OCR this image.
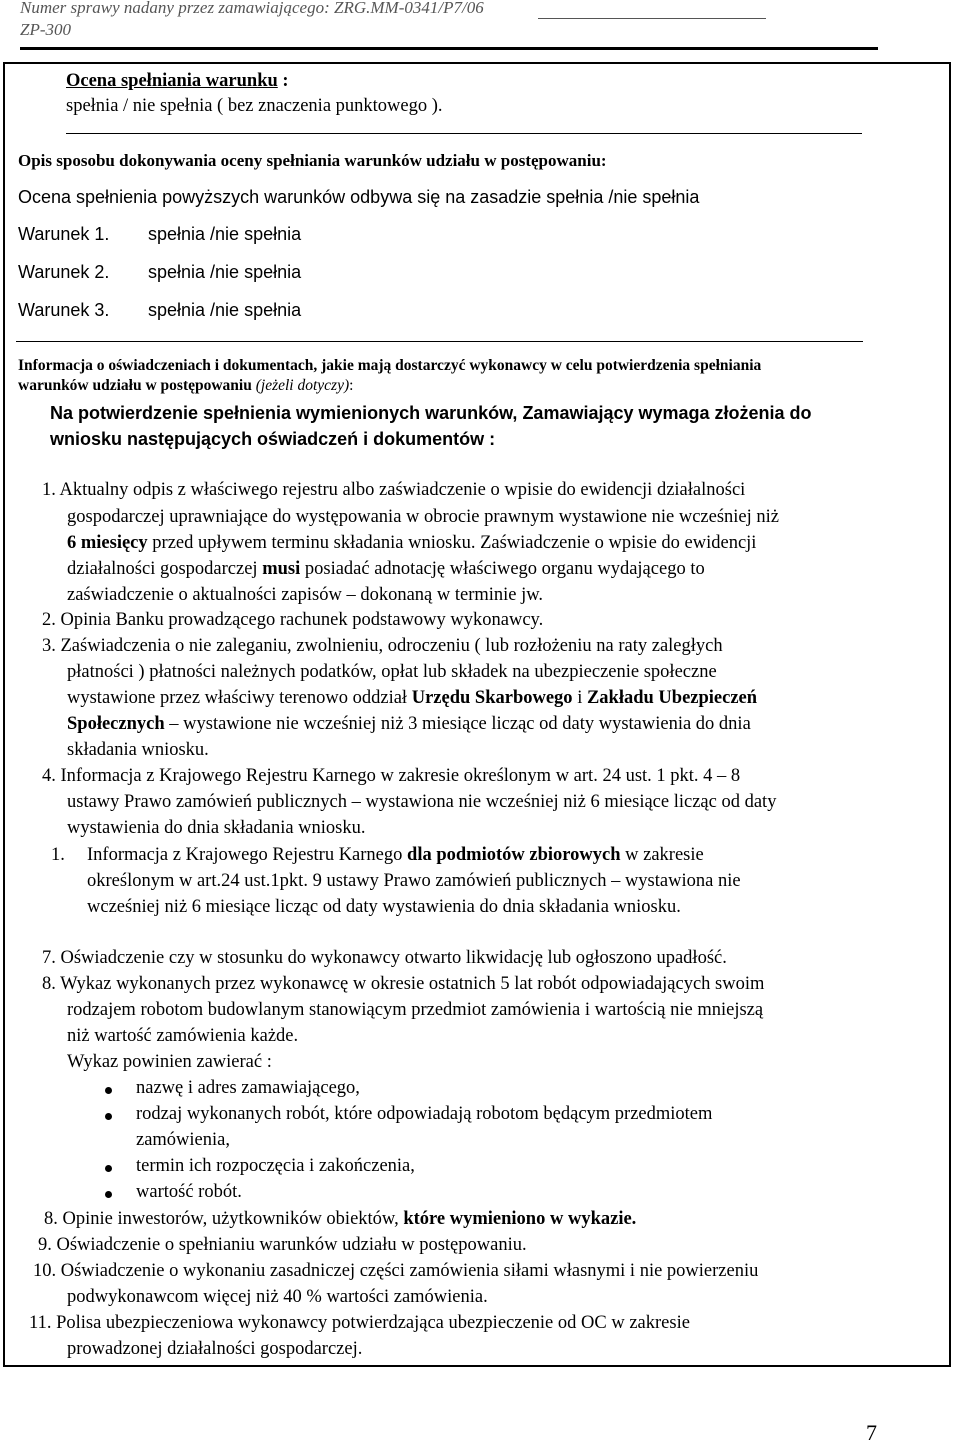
Numer sprawy nadany przez zamawiającego: ZRG.MM-0341/P7/06
ZP-300
Ocena spełniania warunku :
spełnia / nie spełnia ( bez znaczenia punktowego ).
Opis sposobu dokonywania oceny spełniania warunków udziału w postępowaniu:
Ocena spełnienia powyższych warunków odbywa się na zasadzie spełnia /nie spełnia
Warunek 1. spełnia /nie spełnia
Warunek 2. spełnia /nie spełnia
Warunek 3. spełnia /nie spełnia
Informacja o oświadczeniach i dokumentach, jakie mają dostarczyć wykonawcy w celu potwierdzenia spełniania
warunków udziału w postępowaniu (jeżeli dotyczy):
Na potwierdzenie spełnienia wymienionych warunków, Zamawiający wymaga złożenia do
wniosku następujących oświadczeń i dokumentów :
1. Aktualny odpis z właściwego rejestru albo zaświadczenie o wpisie do ewidencji działalności
gospodarczej uprawniające do występowania w obrocie prawnym wystawione nie wcześniej niż
6 miesięcy przed upływem terminu składania wniosku. Zaświadczenie o wpisie do ewidencji
działalności gospodarczej musi posiadać adnotację właściwego organu wydającego to
zaświadczenie o aktualności zapisów – dokonaną w terminie jw.
2. Opinia Banku prowadzącego rachunek podstawowy wykonawcy.
3. Zaświadczenia o nie zaleganiu, zwolnieniu, odroczeniu ( lub rozłożeniu na raty zaległych
płatności ) płatności należnych podatków, opłat lub składek na ubezpieczenie społeczne
wystawione przez właściwy terenowo oddział Urzędu Skarbowego i Zakładu Ubezpieczeń
Społecznych – wystawione nie wcześniej niż 3 miesiące licząc od daty wystawienia do dnia
składania wniosku.
4. Informacja z Krajowego Rejestru Karnego w zakresie określonym w art. 24 ust. 1 pkt. 4 – 8
ustawy Prawo zamówień publicznych – wystawiona nie wcześniej niż 6 miesiące licząc od daty
wystawienia do dnia składania wniosku.
1. Informacja z Krajowego Rejestru Karnego dla podmiotów zbiorowych w zakresie
określonym w art.24 ust.1pkt. 9 ustawy Prawo zamówień publicznych – wystawiona nie
wcześniej niż 6 miesiące licząc od daty wystawienia do dnia składania wniosku.
7. Oświadczenie czy w stosunku do wykonawcy otwarto likwidację lub ogłoszono upadłość.
8. Wykaz wykonanych przez wykonawcę w okresie ostatnich 5 lat robót odpowiadających swoim
rodzajem robotom budowlanym stanowiącym przedmiot zamówienia i wartością nie mniejszą
niż wartość zamówienia każde.
Wykaz powinien zawierać :
nazwę i adres zamawiającego,
rodzaj wykonanych robót, które odpowiadają robotom będącym przedmiotem
zamówienia,
termin ich rozpoczęcia i zakończenia,
wartość robót.
8. Opinie inwestorów, użytkowników obiektów, które wymieniono w wykazie.
9. Oświadczenie o spełnianiu warunków udziału w postępowaniu.
10. Oświadczenie o wykonaniu zasadniczej części zamówienia siłami własnymi i nie powierzeniu
podwykonawcom więcej niż 40 % wartości zamówienia.
11. Polisa ubezpieczeniowa wykonawcy potwierdzająca ubezpieczenie od OC w zakresie
prowadzonej działalności gospodarczej.
7
